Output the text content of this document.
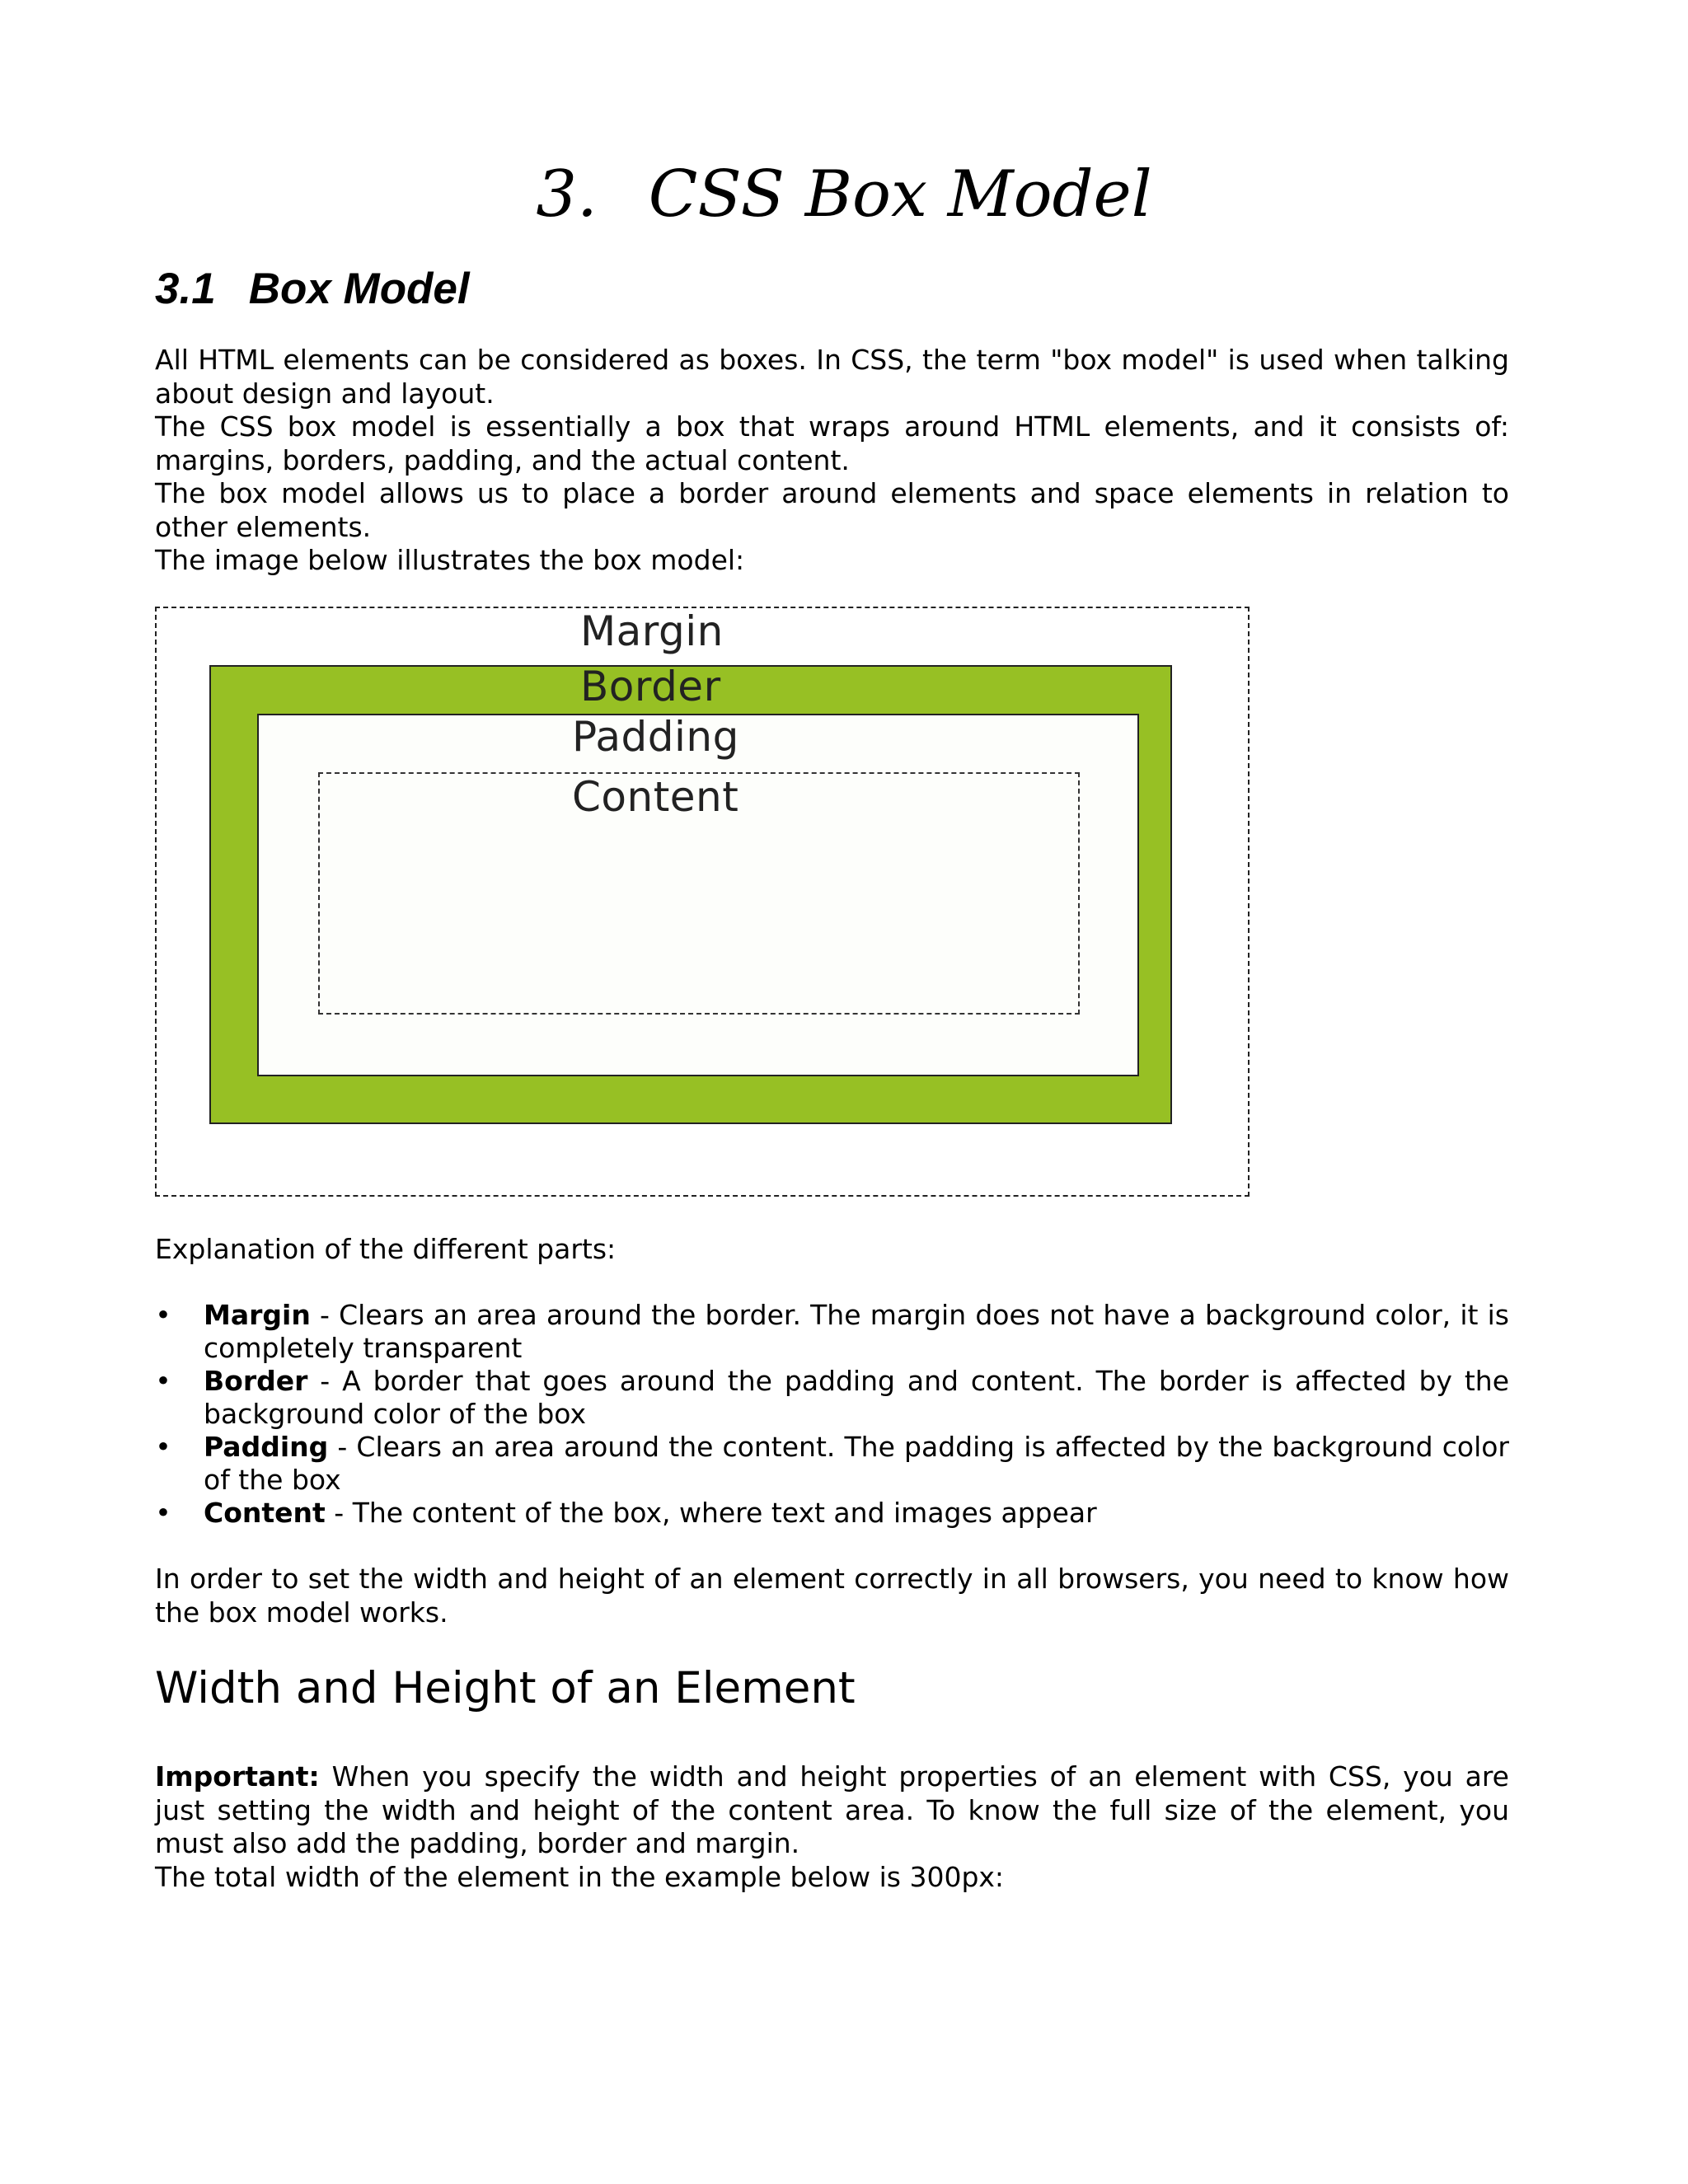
3. CSS Box Model
3.1 Box Model
All HTML elements can be considered as boxes. In CSS, the term "box model" is used when talking about design and layout.
The CSS box model is essentially a box that wraps around HTML elements, and it consists of: margins, borders, padding, and the actual content.
The box model allows us to place a border around elements and space elements in relation to other elements.
The image below illustrates the box model:
Margin
Border
Padding
Content

Explanation of the different parts:

• Margin - Clears an area around the border. The margin does not have a background color, it is completely transparent
• Border - A border that goes around the padding and content. The border is affected by the background color of the box
• Padding - Clears an area around the content. The padding is affected by the background color of the box
• Content - The content of the box, where text and images appear

In order to set the width and height of an element correctly in all browsers, you need to know how the box model works.

Width and Height of an Element
Important: When you specify the width and height properties of an element with CSS, you are just setting the width and height of the content area. To know the full size of the element, you must also add the padding, border and margin.
The total width of the element in the example below is 300px:
